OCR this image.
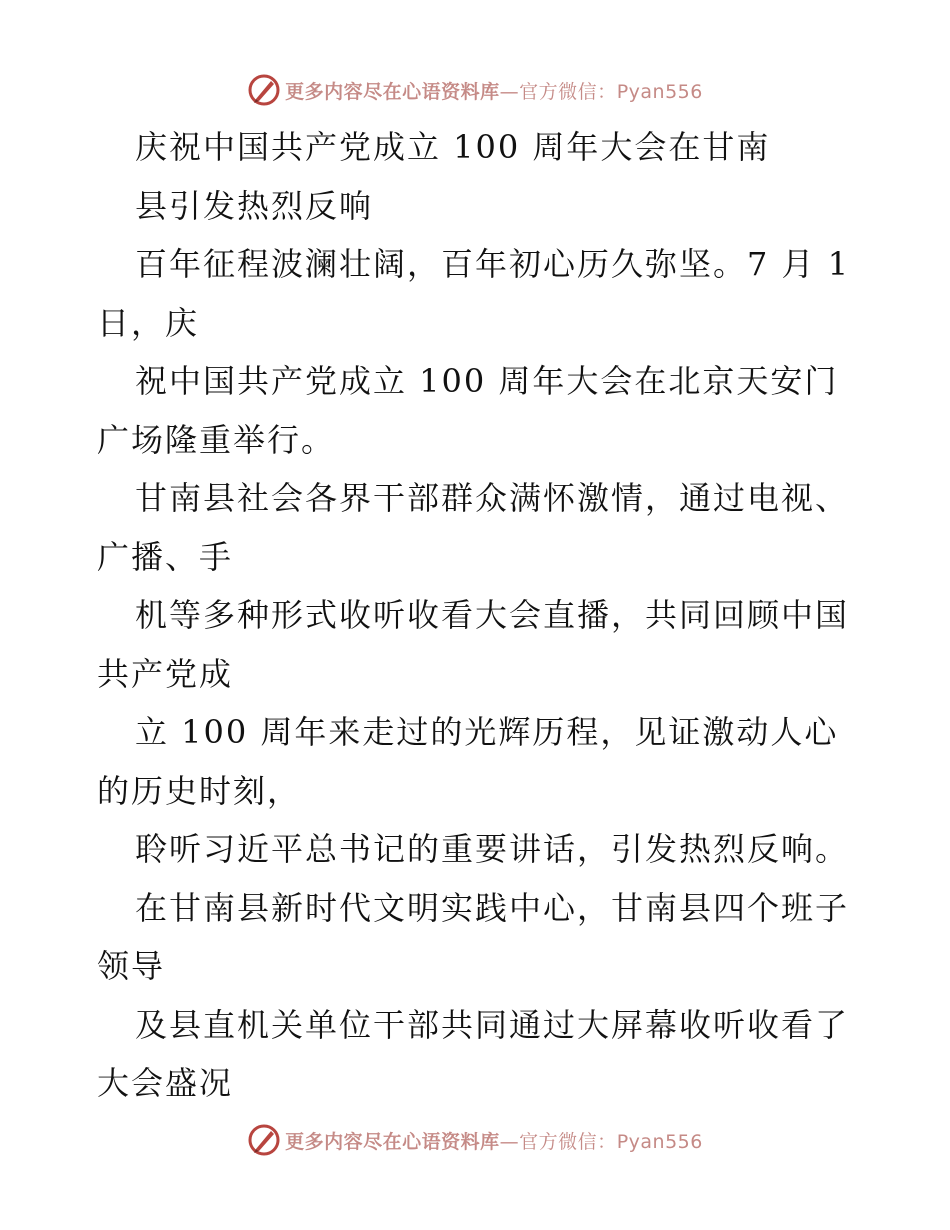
更多内容尽在心语资料库—官方微信：Pyan556
庆祝中国共产党成立 100 周年大会在甘南
县引发热烈反响
百年征程波澜壮阔，百年初心历久弥坚。7 月 1
日，庆
祝中国共产党成立 100 周年大会在北京天安门
广场隆重举行。
甘南县社会各界干部群众满怀激情，通过电视、
广播、手
机等多种形式收听收看大会直播，共同回顾中国
共产党成
立 100 周年来走过的光辉历程，见证激动人心
的历史时刻，
聆听习近平总书记的重要讲话，引发热烈反响。
在甘南县新时代文明实践中心，甘南县四个班子
领导
及县直机关单位干部共同通过大屏幕收听收看了
大会盛况
更多内容尽在心语资料库—官方微信：Pyan556
